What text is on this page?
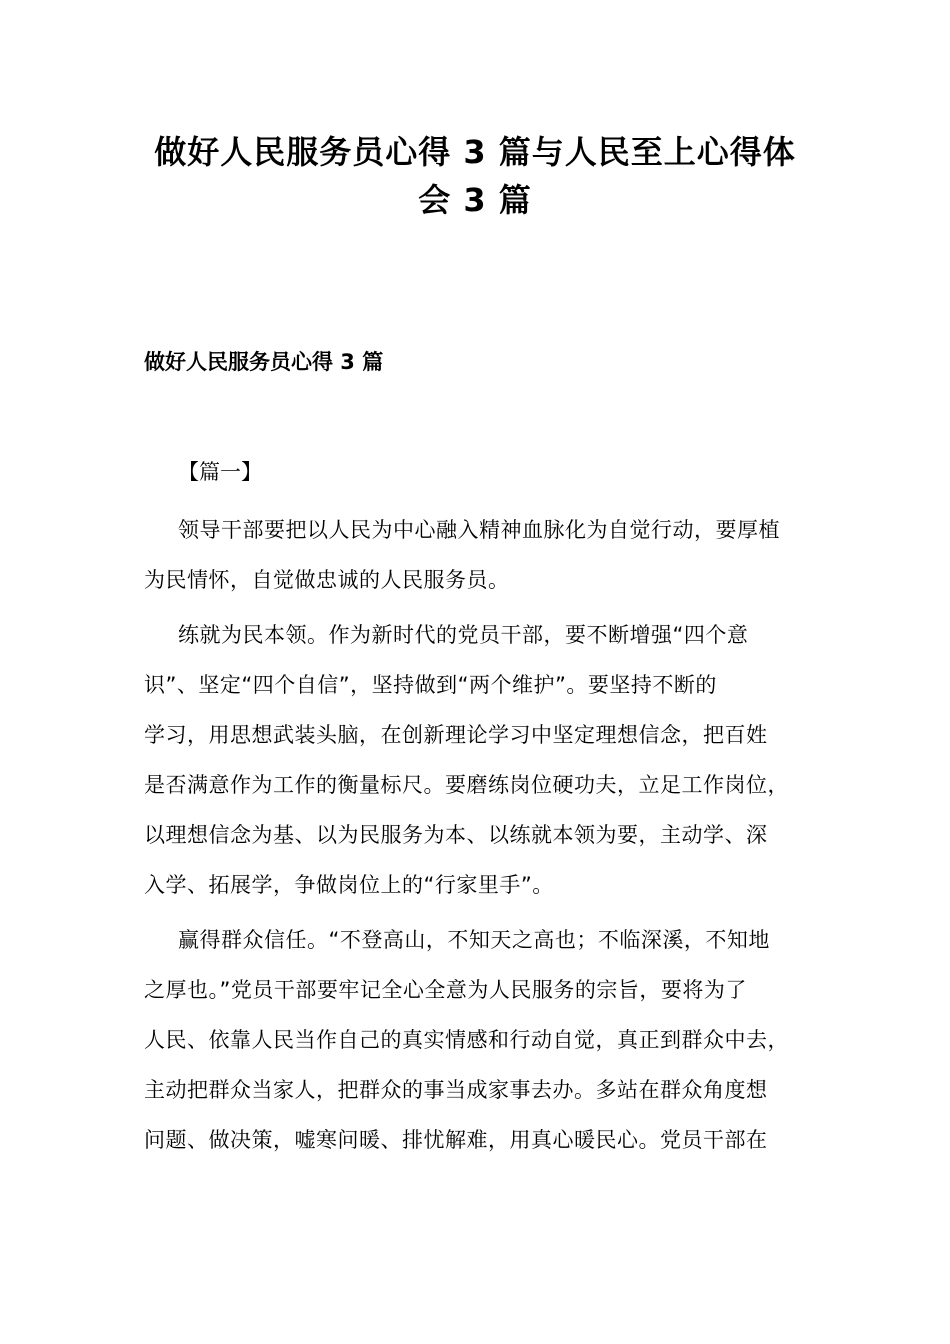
做好人民服务员心得 3 篇与人民至上心得体
会 3 篇
做好人民服务员心得 3 篇
【篇一】
领导干部要把以人民为中心融入精神血脉化为自觉行动，要厚植
为民情怀，自觉做忠诚的人民服务员。
练就为民本领。作为新时代的党员干部，要不断增强“四个意
识”、坚定“四个自信”，坚持做到“两个维护”。要坚持不断的
学习，用思想武装头脑，在创新理论学习中坚定理想信念，把百姓
是否满意作为工作的衡量标尺。要磨练岗位硬功夫，立足工作岗位，
以理想信念为基、以为民服务为本、以练就本领为要，主动学、深
入学、拓展学，争做岗位上的“行家里手”。
赢得群众信任。“不登高山，不知天之高也；不临深溪，不知地
之厚也。”党员干部要牢记全心全意为人民服务的宗旨，要将为了
人民、依靠人民当作自己的真实情感和行动自觉，真正到群众中去，
主动把群众当家人，把群众的事当成家事去办。多站在群众角度想
问题、做决策，嘘寒问暖、排忧解难，用真心暖民心。党员干部在
